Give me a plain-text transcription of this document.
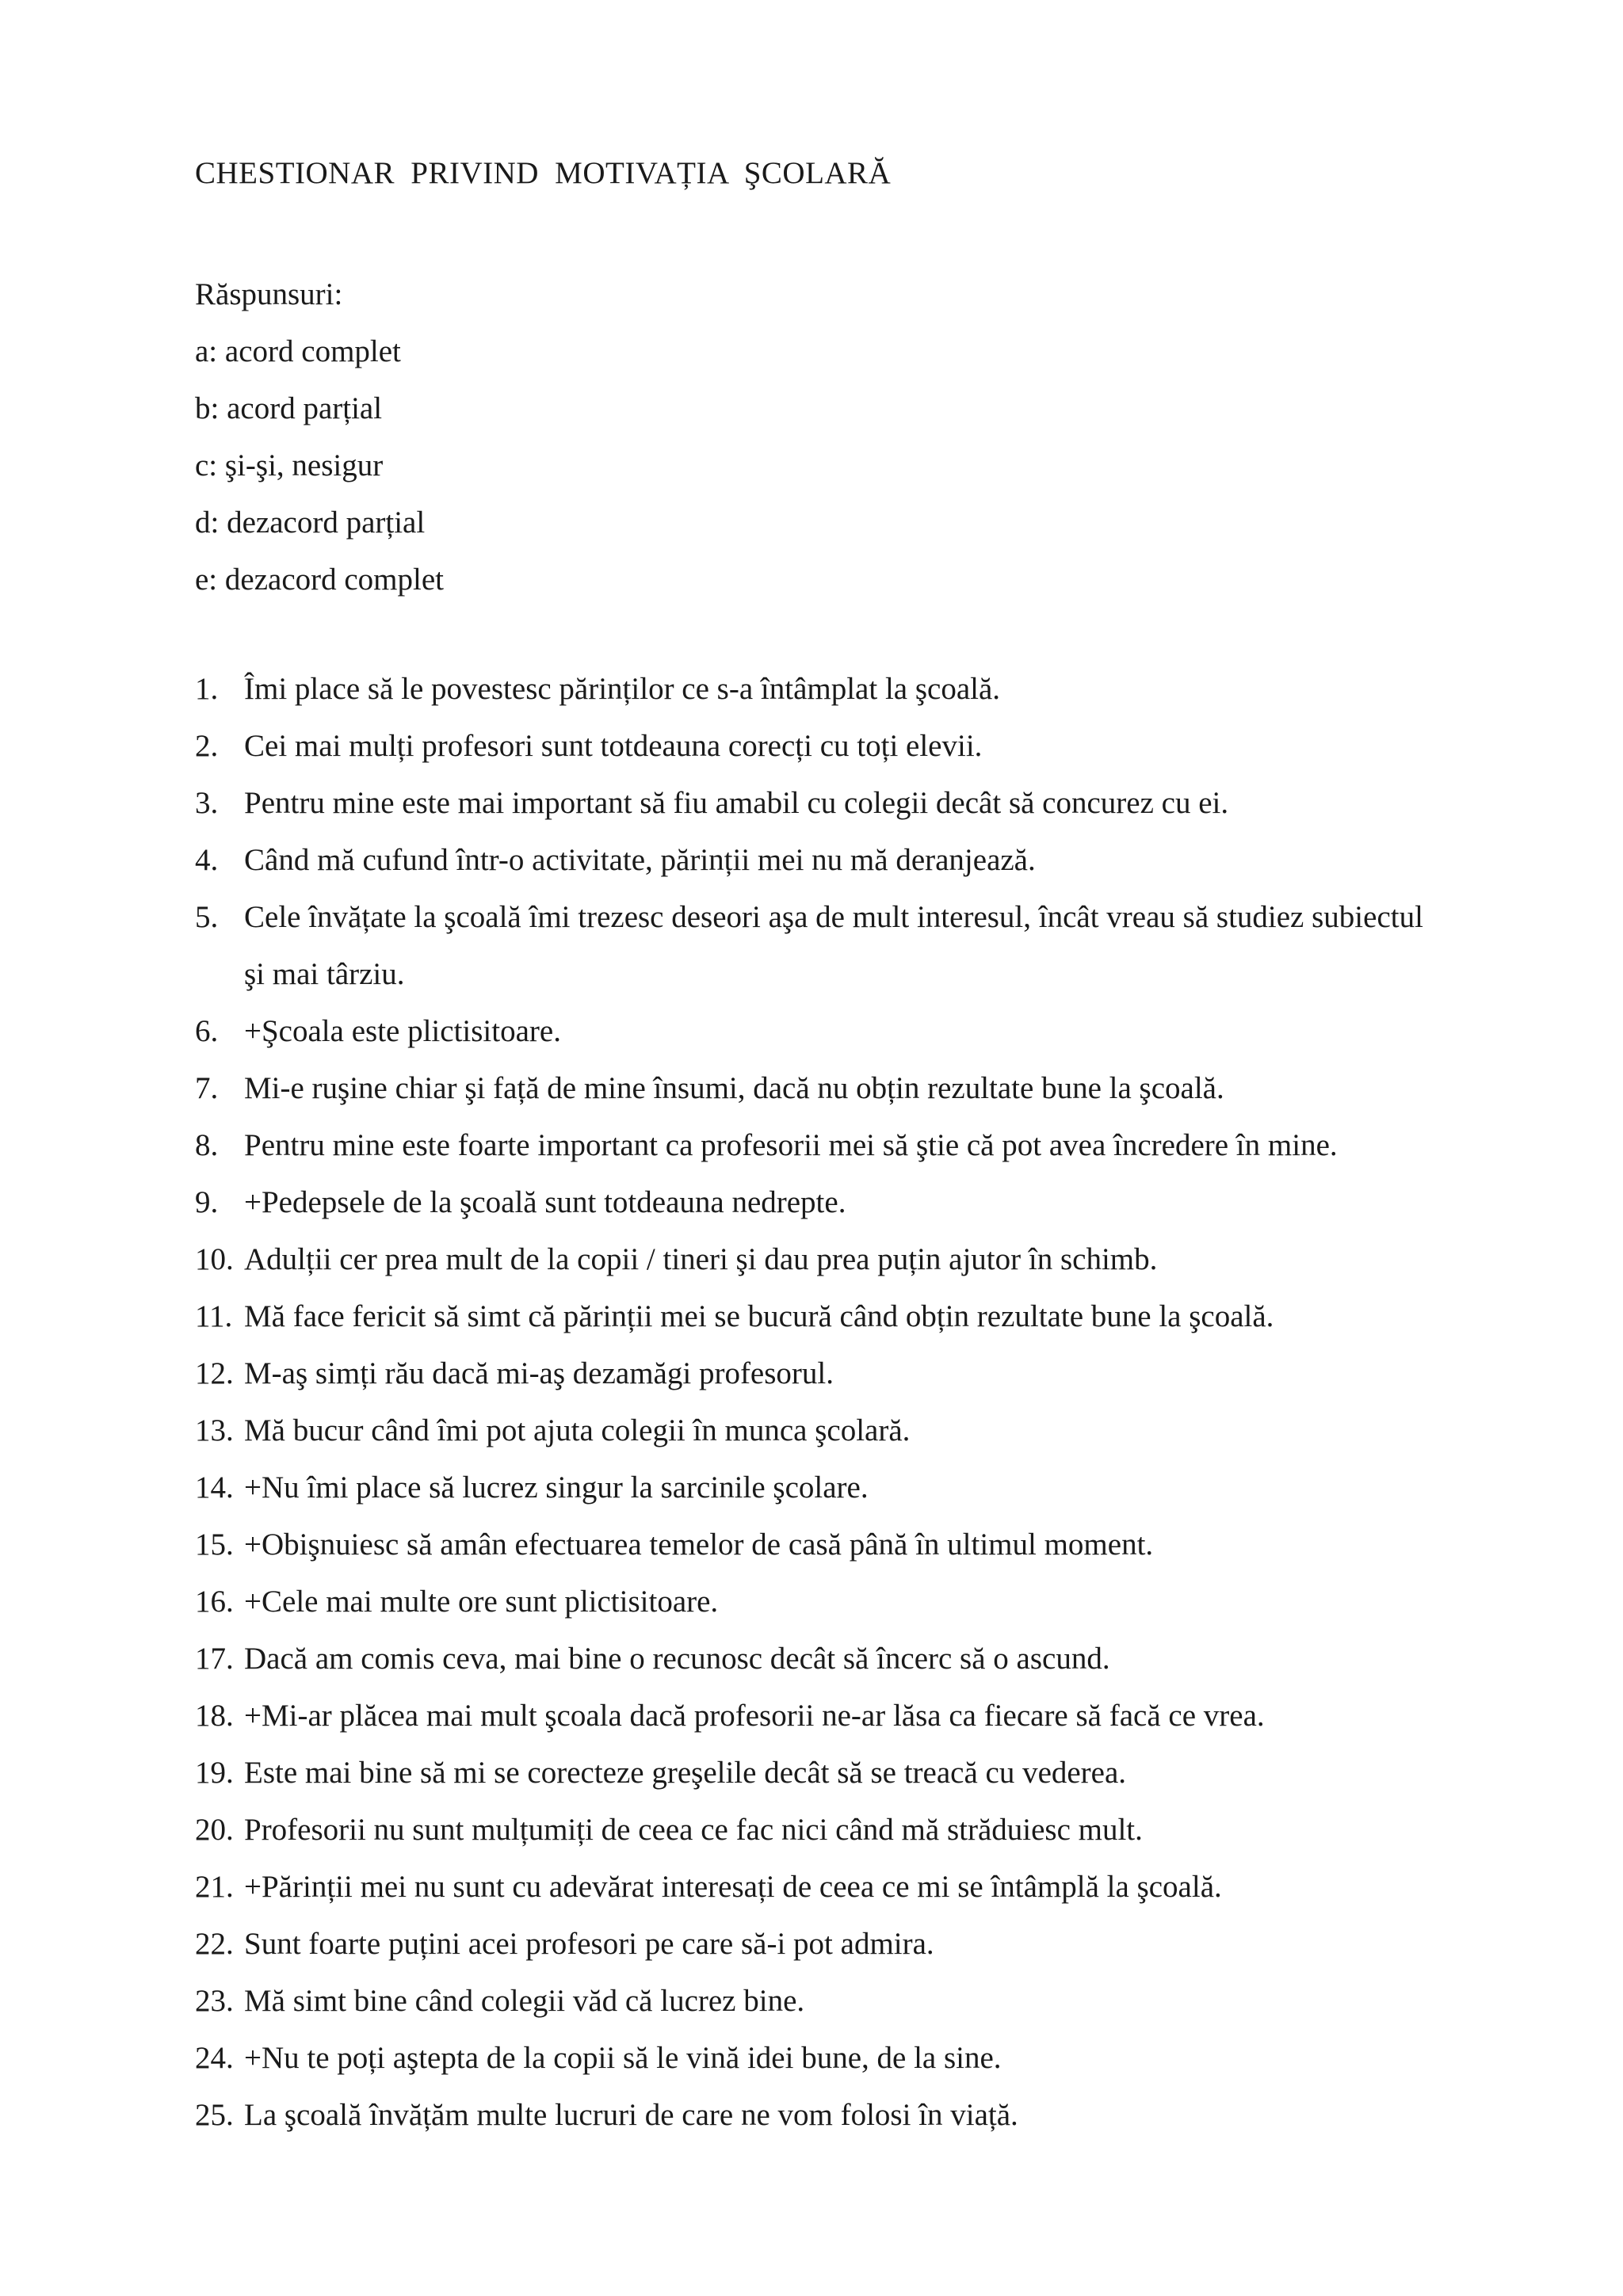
CHESTIONAR PRIVIND MOTIVAȚIA ŞCOLARĂ
Răspunsuri:
a: acord complet
b: acord parțial
c: şi-şi, nesigur
d: dezacord parțial
e: dezacord complet
1. Îmi place să le povestesc părinților ce s-a întâmplat la şcoală.
2. Cei mai mulți profesori sunt totdeauna corecți cu toți elevii.
3. Pentru mine este mai important să fiu amabil cu colegii decât să concurez cu ei.
4. Când mă cufund într-o activitate, părinții mei nu mă deranjează.
5. Cele învățate la şcoală îmi trezesc deseori aşa de mult interesul, încât vreau să studiez subiectul şi mai târziu.
6. +Şcoala este plictisitoare.
7. Mi-e ruşine chiar şi față de mine însumi, dacă nu obțin rezultate bune la şcoală.
8. Pentru mine este foarte important ca profesorii mei să ştie că pot avea încredere în mine.
9. +Pedepsele de la şcoală sunt totdeauna nedrepte.
10. Adulții cer prea mult de la copii / tineri şi dau prea puțin ajutor în schimb.
11. Mă face fericit să simt că părinții mei se bucură când obțin rezultate bune la şcoală.
12. M-aş simți rău dacă mi-aş dezamăgi profesorul.
13. Mă bucur când îmi pot ajuta colegii în munca şcolară.
14. +Nu îmi place să lucrez singur la sarcinile şcolare.
15. +Obişnuiesc să amân efectuarea temelor de casă până în ultimul moment.
16. +Cele mai multe ore sunt plictisitoare.
17. Dacă am comis ceva, mai bine o recunosc decât să încerc să o ascund.
18. +Mi-ar plăcea mai mult şcoala dacă profesorii ne-ar lăsa ca fiecare să facă ce vrea.
19. Este mai bine să mi se corecteze greşelile decât să se treacă cu vederea.
20. Profesorii nu sunt mulțumiți de ceea ce fac nici când mă străduiesc mult.
21. +Părinții mei nu sunt cu adevărat interesați de ceea ce mi se întâmplă la şcoală.
22. Sunt foarte puțini acei profesori pe care să-i pot admira.
23. Mă simt bine când colegii văd că lucrez bine.
24. +Nu te poți aştepta de la copii să le vină idei bune, de la sine.
25. La şcoală învățăm multe lucruri de care ne vom folosi în viață.
